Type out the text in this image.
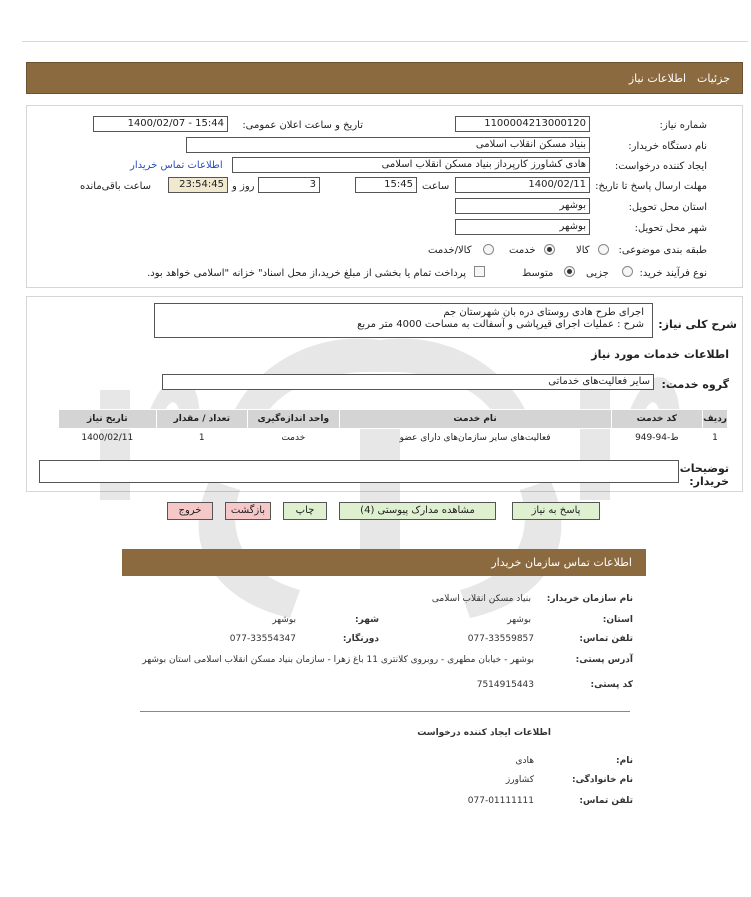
جزئیات
اطلاعات نیاز
شماره نیاز:
1100004213000120
تاریخ و ساعت اعلان عمومی:
1400/02/07 - 15:44
نام دستگاه خریدار:
بنیاد مسکن انقلاب اسلامی
ایجاد کننده درخواست:
هادی کشاورز کارپرداز بنیاد مسکن انقلاب اسلامی
اطلاعات تماس خریدار
مهلت ارسال پاسخ تا تاریخ:
1400/02/11
ساعت
15:45
3
روز و
23:54:45
ساعت باقی‌مانده
استان محل تحویل:
بوشهر
شهر محل تحویل:
بوشهر
طبقه بندی موضوعی:
کالا
خدمت
کالا/خدمت
نوع فرآیند خرید:
جزیی
متوسط
پرداخت تمام یا بخشی از مبلغ خرید،از محل اسناد" خزانه "اسلامی خواهد بود.
شرح کلی نیاز:
اجرای طرح هادی روستای دره بان شهرستان جم
شرح : عملیات اجرای قیرپاشی و آسفالت به مساحت 4000 متر مربع
اطلاعات خدمات مورد نیاز
گروه خدمت:
سایر فعالیت‌های خدماتی
ردیف	کد خدمت	نام خدمت	واحد اندازه‌گیری	تعداد / مقدار	تاریخ نیاز
1	ط-94-949	فعالیت‌های سایر سازمان‌های دارای عضو	خدمت	1	1400/02/11
توضیحات خریدار:
پاسخ به نیاز
مشاهده مدارک پیوستی (4)
چاپ
بازگشت
خروج
اطلاعات تماس سازمان خریدار
نام سازمان خریدار:
بنیاد مسکن انقلاب اسلامی
استان:
بوشهر
شهر:
بوشهر
تلفن تماس:
077-33559857
دورنگار:
077-33554347
آدرس پستی:
بوشهر - خیابان مطهری - روبروی کلانتری 11 باغ زهرا - سازمان بنیاد مسکن انقلاب اسلامی استان بوشهر
کد پستی:
7514915443
اطلاعات ایجاد کننده درخواست
نام:
هادی
نام خانوادگی:
کشاورز
تلفن تماس:
077-01111111
